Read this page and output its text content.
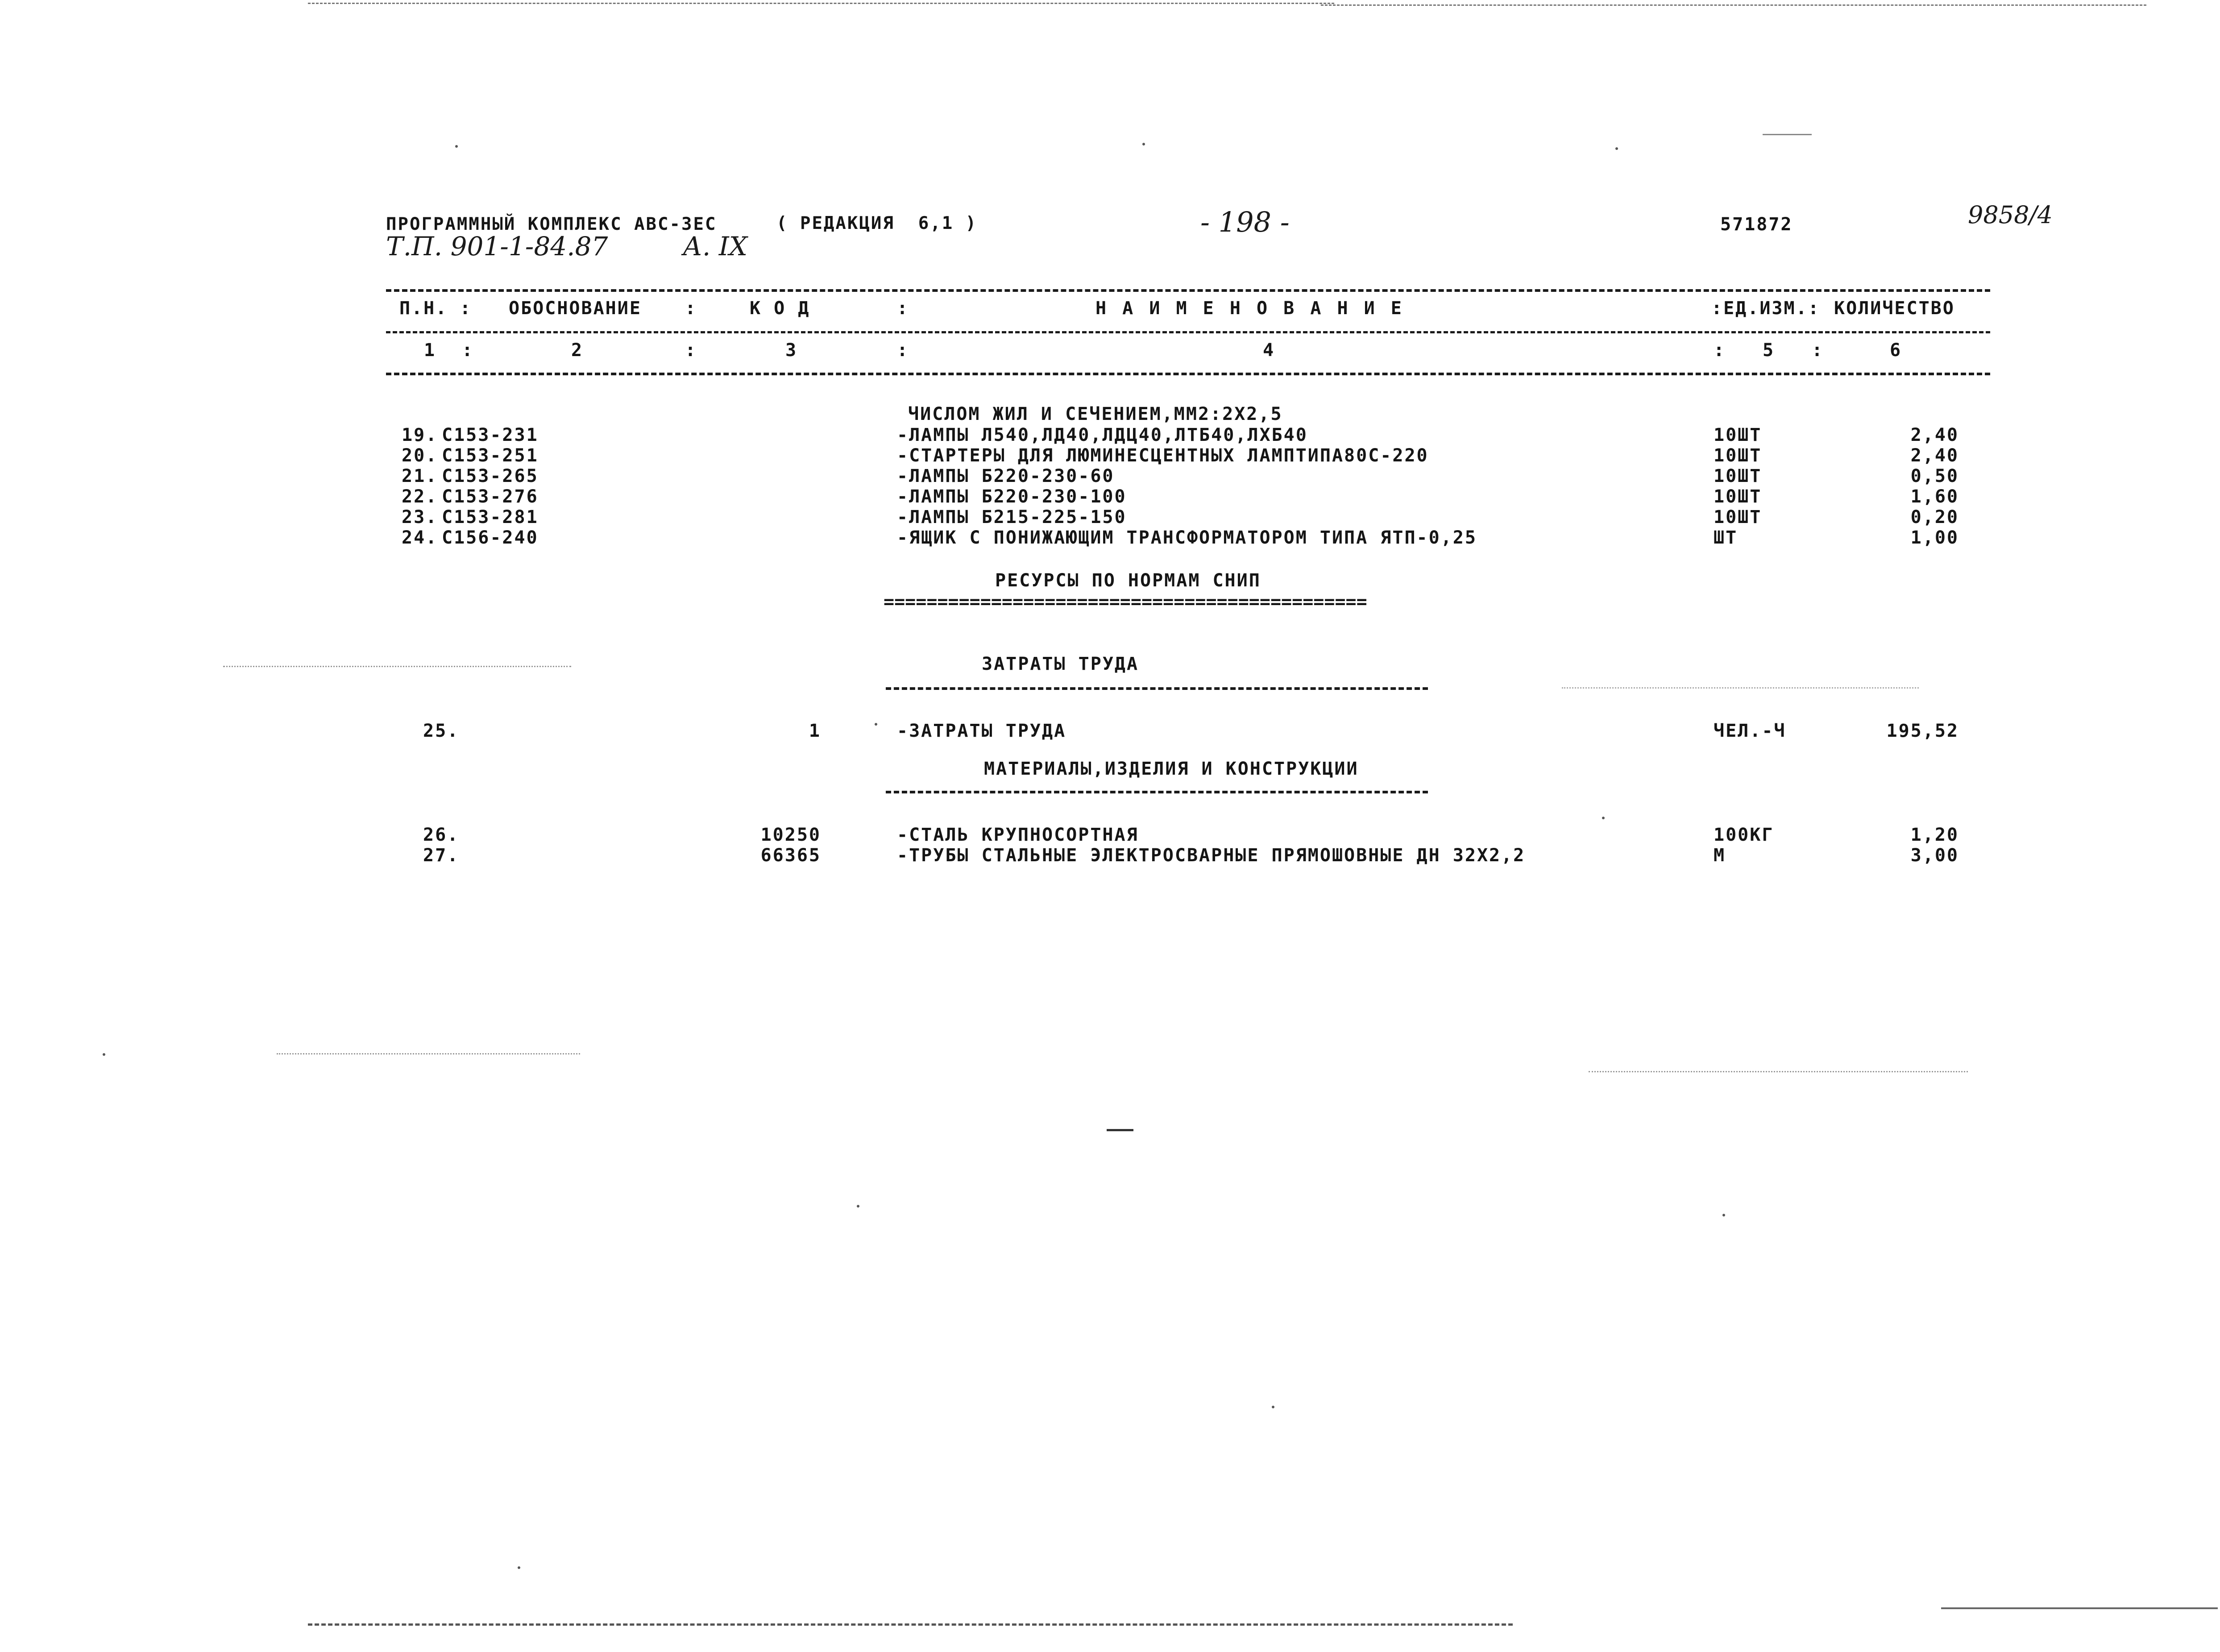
ПРОГРАММНЫЙ КОМПЛЕКС АВС-3ЕС	( РЕДАКЦИЯ  6,1 )	- 198 -	571872
Т.П. 901-1-84.87	А. IX
9858/4
П.Н. : ОБОСНОВАНИЕ :	К О Д	:	Н А И М Е Н О В А Н И Е	:ЕД.ИЗМ.: КОЛИЧЕСТВО
1 :	2	:	3	:	4	: 5 :	6
ЧИСЛОМ ЖИЛ И СЕЧЕНИЕМ,ММ2:2Х2,5
19. С153-231	-ЛАМПЫ Л540,ЛД40,ЛДЦ40,ЛТБ40,ЛХБ40	10ШТ	2,40
20. С153-251	-СТАРТЕРЫ ДЛЯ ЛЮМИНЕСЦЕНТНЫХ ЛАМПТИПА80С-220	10ШТ	2,40
21. С153-265	-ЛАМПЫ Б220-230-60	10ШТ	0,50
22. С153-276	-ЛАМПЫ Б220-230-100	10ШТ	1,60
23. С153-281	-ЛАМПЫ Б215-225-150	10ШТ	0,20
24. С156-240	-ЯЩИК С ПОНИЖАЮЩИМ ТРАНСФОРМАТОРОМ ТИПА ЯТП-0,25	ШТ	1,00
РЕСУРСЫ ПО НОРМАМ СНИП
=============================================
ЗАТРАТЫ ТРУДА
25.	1	-ЗАТРАТЫ ТРУДА	ЧЕЛ.-Ч	195,52
МАТЕРИАЛЫ,ИЗДЕЛИЯ И КОНСТРУКЦИИ
26.	10250	-СТАЛЬ КРУПНОСОРТНАЯ	100КГ	1,20
27.	66365	-ТРУБЫ СТАЛЬНЫЕ ЭЛЕКТРОСВАРНЫЕ ПРЯМОШОВНЫЕ ДН 32Х2,2	М	3,00
